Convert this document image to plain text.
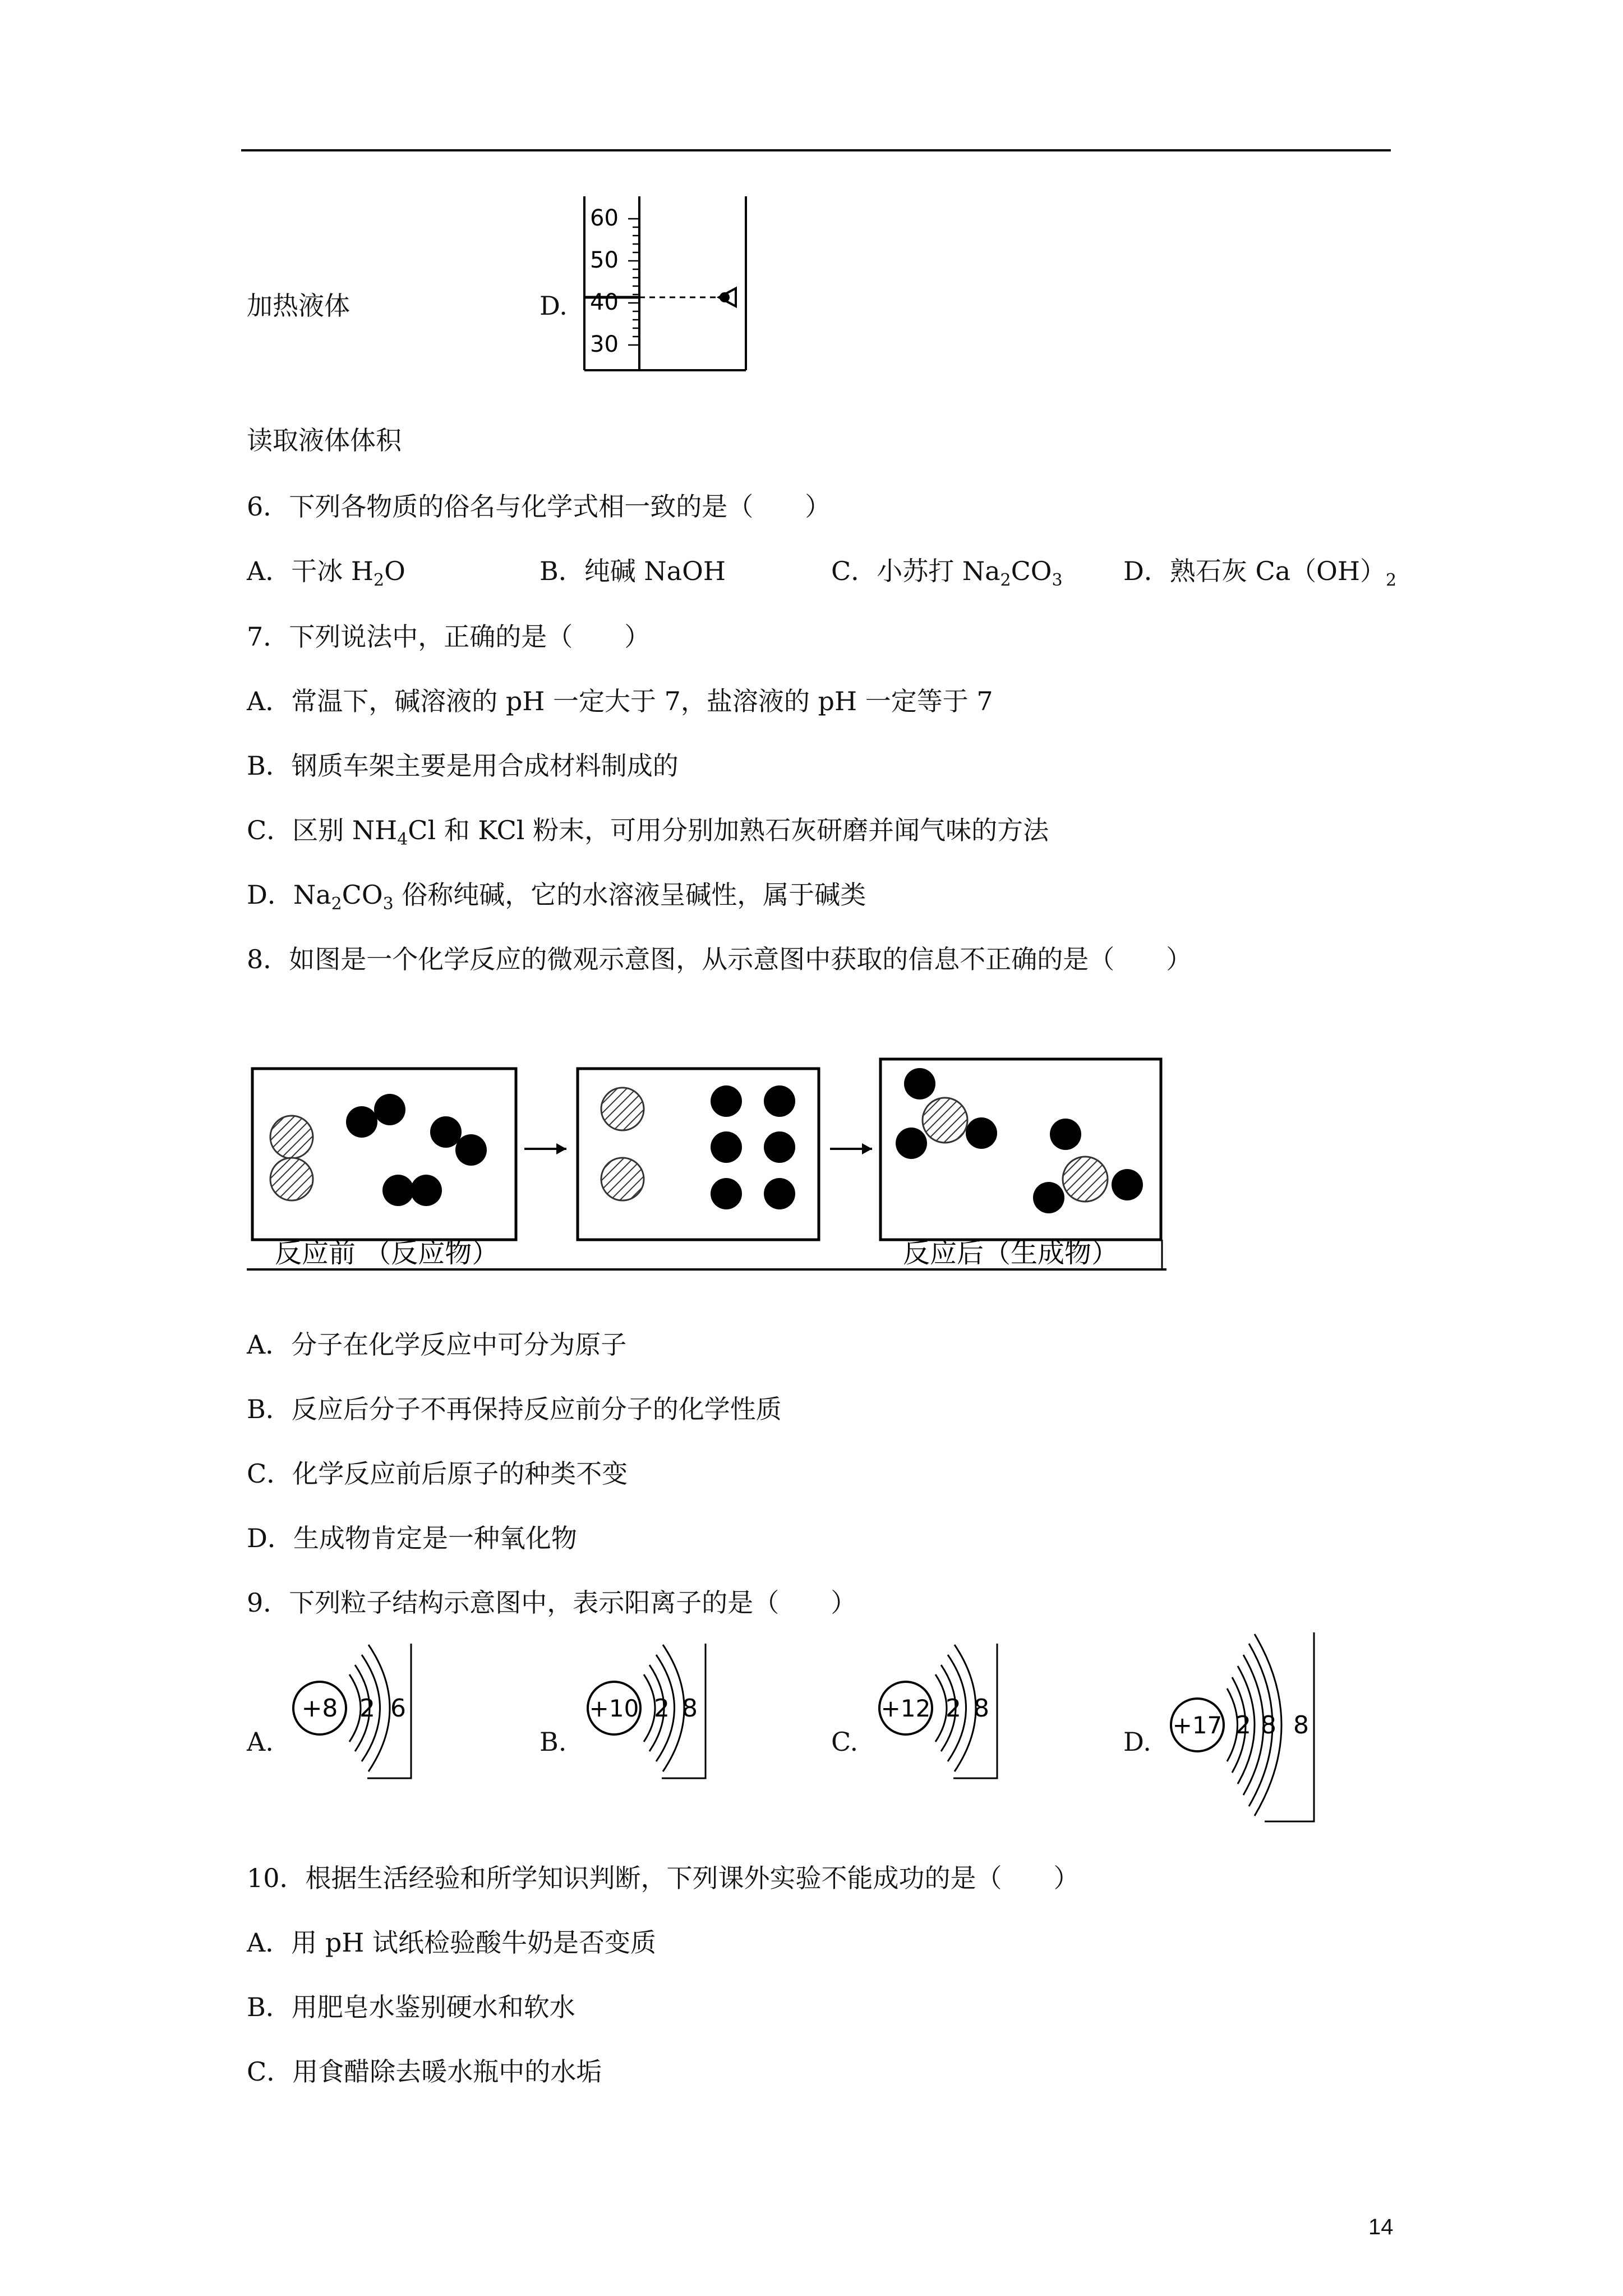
加热液体	D.
60
50
40
30
读取液体体积
6．下列各物质的俗名与化学式相一致的是（　　）
A．干冰 $H_2O$	B．纯碱 NaOH	C．小苏打 $Na_2CO_3$ D．熟石灰 $Ca(OH)_2$
7．下列说法中，正确的是（　　）
A．常温下，碱溶液的 pH 一定大于 7，盐溶液的 pH 一定等于 7
B．钢质车架主要是用合成材料制成的
C．区别 $NH_4Cl$ 和 KCl 粉末，可用分别加熟石灰研磨并闻气味的方法
D．$Na_2CO_3$ 俗称纯碱，它的水溶液呈碱性，属于碱类
8．如图是一个化学反应的微观示意图，从示意图中获取的信息不正确的是（　　）
反应前 （反应物）	反应后（生成物）
A．分子在化学反应中可分为原子
B．反应后分子不再保持反应前分子的化学性质
C．化学反应前后原子的种类不变
D．生成物肯定是一种氧化物
9．下列粒子结构示意图中，表示阳离子的是（　　）
A.
+8 2 6
B.
+10 2 8
C.
+12 2 8
D.
+17 2 8 8
10．根据生活经验和所学知识判断，下列课外实验不能成功的是（　　）
A．用 pH 试纸检验酸牛奶是否变质
B．用肥皂水鉴别硬水和软水
C．用食醋除去暖水瓶中的水垢
14
